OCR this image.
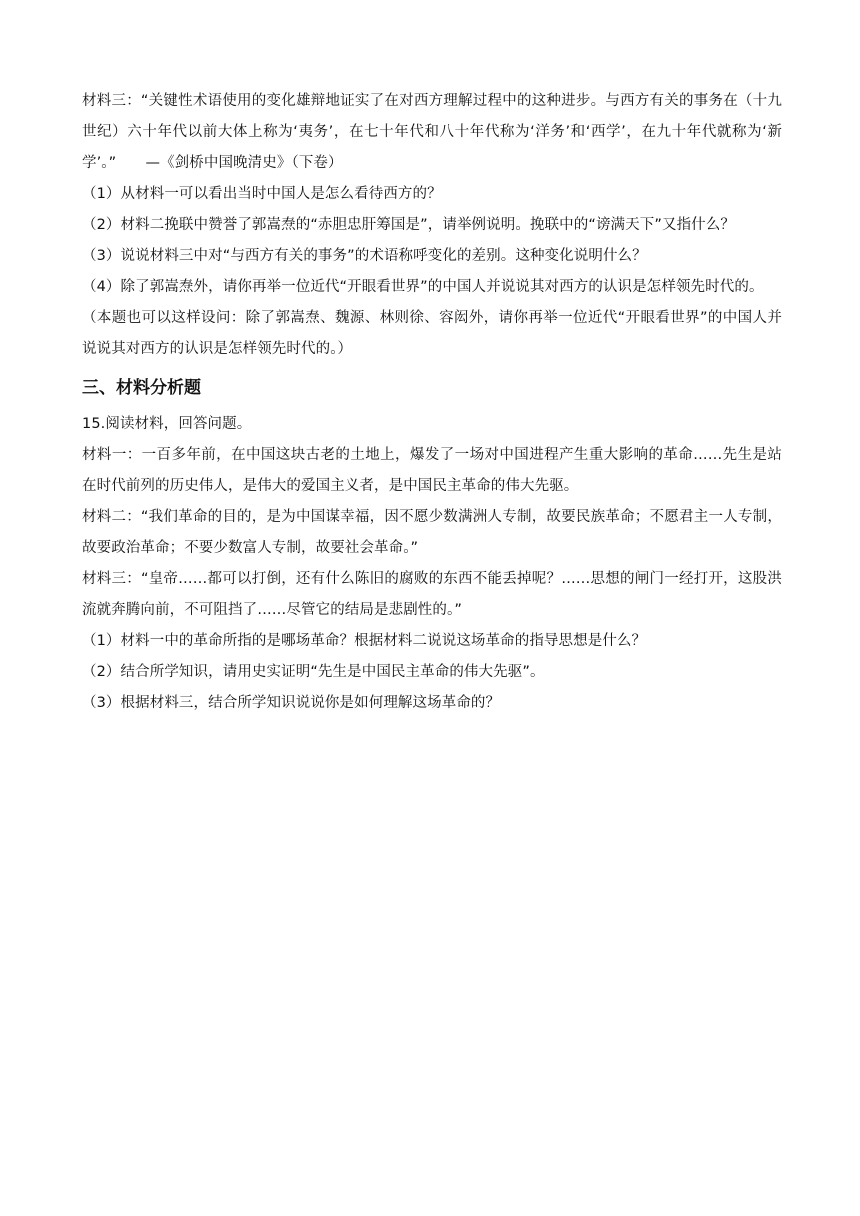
材料三：“关键性术语使用的变化雄辩地证实了在对西方理解过程中的这种进步。与西方有关的事务在（十九世纪）六十年代以前大体上称为‘夷务’，在七十年代和八十年代称为‘洋务’和‘西学’，在九十年代就称为‘新学’。”　　—《剑桥中国晚清史》（下卷）

（1）从材料一可以看出当时中国人是怎么看待西方的？

（2）材料二挽联中赞誉了郭嵩焘的“赤胆忠肝筹国是”，请举例说明。挽联中的“谤满天下”又指什么？

（3）说说材料三中对“与西方有关的事务”的术语称呼变化的差别。这种变化说明什么？

（4）除了郭嵩焘外，请你再举一位近代“开眼看世界”的中国人并说说其对西方的认识是怎样领先时代的。

（本题也可以这样设问：除了郭嵩焘、魏源、林则徐、容闳外，请你再举一位近代“开眼看世界”的中国人并说说其对西方的认识是怎样领先时代的。）

三、材料分析题

15.阅读材料，回答问题。

材料一：一百多年前，在中国这块古老的土地上，爆发了一场对中国进程产生重大影响的革命……先生是站在时代前列的历史伟人，是伟大的爱国主义者，是中国民主革命的伟大先驱。

材料二：“我们革命的目的，是为中国谋幸福，因不愿少数满洲人专制，故要民族革命；不愿君主一人专制，故要政治革命；不要少数富人专制，故要社会革命。”

材料三：“皇帝……都可以打倒，还有什么陈旧的腐败的东西不能丢掉呢？……思想的闸门一经打开，这股洪流就奔腾向前，不可阻挡了……尽管它的结局是悲剧性的。”

（1）材料一中的革命所指的是哪场革命？根据材料二说说这场革命的指导思想是什么？

（2）结合所学知识，请用史实证明“先生是中国民主革命的伟大先驱”。

（3）根据材料三，结合所学知识说说你是如何理解这场革命的？
